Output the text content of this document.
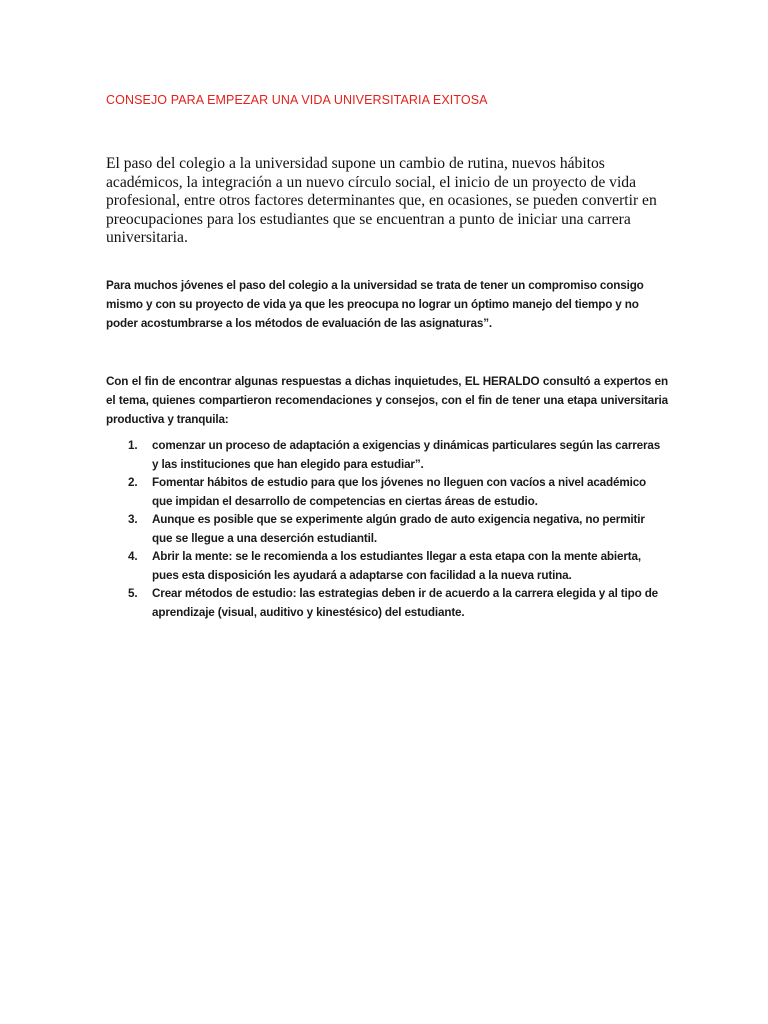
CONSEJO PARA EMPEZAR UNA VIDA UNIVERSITARIA EXITOSA

El paso del colegio a la universidad supone un cambio de rutina, nuevos hábitos académicos, la integración a un nuevo círculo social, el inicio de un proyecto de vida profesional, entre otros factores determinantes que, en ocasiones, se pueden convertir en preocupaciones para los estudiantes que se encuentran a punto de iniciar una carrera universitaria.

Para muchos jóvenes el paso del colegio a la universidad se trata de tener un compromiso consigo mismo y con su proyecto de vida ya que les preocupa no lograr un óptimo manejo del tiempo y no poder acostumbrarse a los métodos de evaluación de las asignaturas”.

Con el fin de encontrar algunas respuestas a dichas inquietudes, EL HERALDO consultó a expertos en el tema, quienes compartieron recomendaciones y consejos, con el fin de tener una etapa universitaria productiva y tranquila:

1. comenzar un proceso de adaptación a exigencias y dinámicas particulares según las carreras y las instituciones que han elegido para estudiar”.
2. Fomentar hábitos de estudio para que los jóvenes no lleguen con vacíos a nivel académico que impidan el desarrollo de competencias en ciertas áreas de estudio.
3. Aunque es posible que se experimente algún grado de auto exigencia negativa, no permitir que se llegue a una deserción estudiantil.
4. Abrir la mente: se le recomienda a los estudiantes llegar a esta etapa con la mente abierta, pues esta disposición les ayudará a adaptarse con facilidad a la nueva rutina.
5. Crear métodos de estudio: las estrategias deben ir de acuerdo a la carrera elegida y al tipo de aprendizaje (visual, auditivo y kinestésico) del estudiante.
